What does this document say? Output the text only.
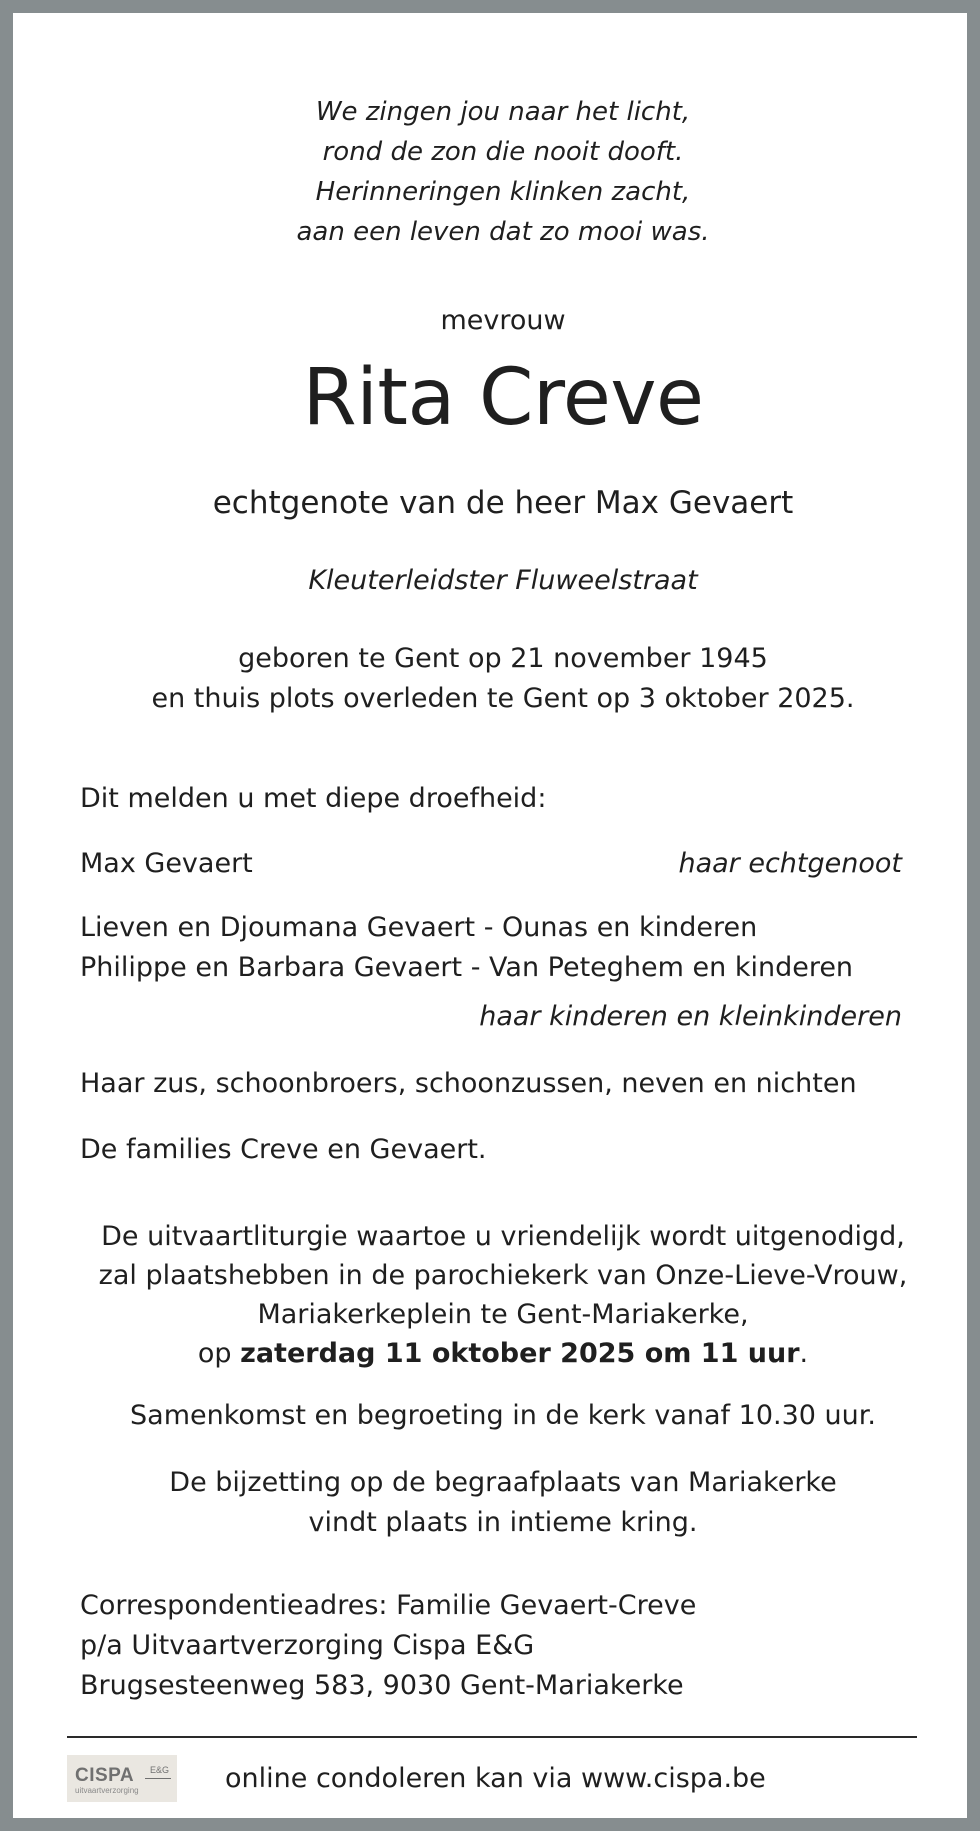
We zingen jou naar het licht,
rond de zon die nooit dooft.
Herinneringen klinken zacht,
aan een leven dat zo mooi was.
mevrouw
Rita Creve
echtgenote van de heer Max Gevaert
Kleuterleidster Fluweelstraat
geboren te Gent op 21 november 1945
en thuis plots overleden te Gent op 3 oktober 2025.
Dit melden u met diepe droefheid:
Max Gevaert	haar echtgenoot
Lieven en Djoumana Gevaert - Ounas en kinderen
Philippe en Barbara Gevaert - Van Peteghem en kinderen
haar kinderen en kleinkinderen
Haar zus, schoonbroers, schoonzussen, neven en nichten
De families Creve en Gevaert.
De uitvaartliturgie waartoe u vriendelijk wordt uitgenodigd,
zal plaatshebben in de parochiekerk van Onze-Lieve-Vrouw,
Mariakerkeplein te Gent-Mariakerke,
op zaterdag 11 oktober 2025 om 11 uur.
Samenkomst en begroeting in de kerk vanaf 10.30 uur.
De bijzetting op de begraafplaats van Mariakerke
vindt plaats in intieme kring.
Correspondentieadres: Familie Gevaert-Creve
p/a Uitvaartverzorging Cispa E&G
Brugsesteenweg 583, 9030 Gent-Mariakerke
CISPA E&G
uitvaartverzorging	online condoleren kan via www.cispa.be
